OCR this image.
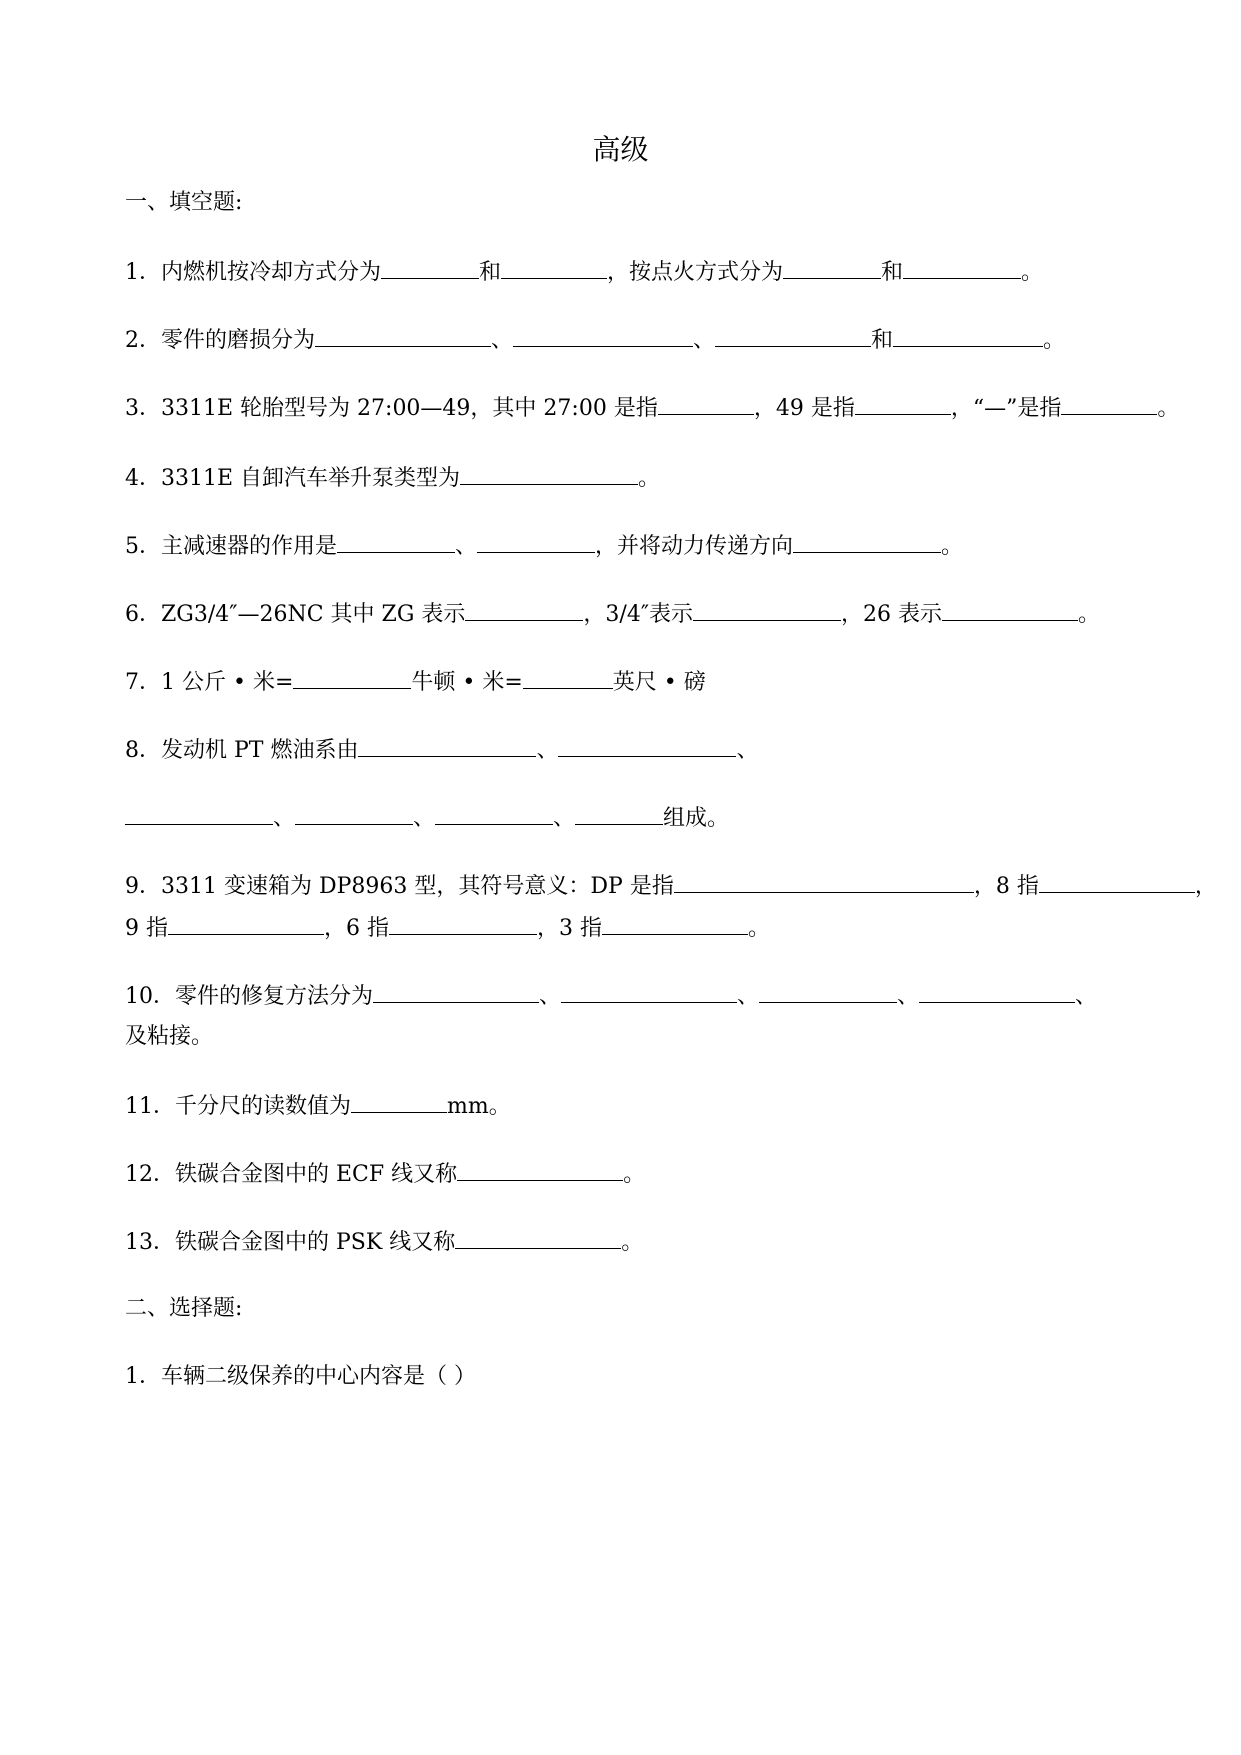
高级
一、填空题:
1．内燃机按冷却方式分为	和	，按点火方式分为	和	。
2．零件的磨损分为	、	、	和	。
3．3311E 轮胎型号为 27:00—49，其中 27:00 是指	，49 是指	，“—”是指	。
4．3311E 自卸汽车举升泵类型为	。
5．主减速器的作用是	、	，并将动力传递方向	。
6．ZG3/4″—26NC 其中 ZG 表示	，3/4″表示	，26 表示	。
7．1 公斤 • 米=	牛顿 • 米=	英尺 • 磅
8．发动机 PT 燃油系由	、	、
、	、	、	组成。
9．3311 变速箱为 DP8963 型，其符号意义：DP 是指	，8 指	，
9 指	，6 指	，3 指	。
10．零件的修复方法分为	、	、	、	、
及粘接。
11．千分尺的读数值为	mm。
12．铁碳合金图中的 ECF 线又称	。
13．铁碳合金图中的 PSK 线又称	。
二、选择题:
1．车辆二级保养的中心内容是（ ）
